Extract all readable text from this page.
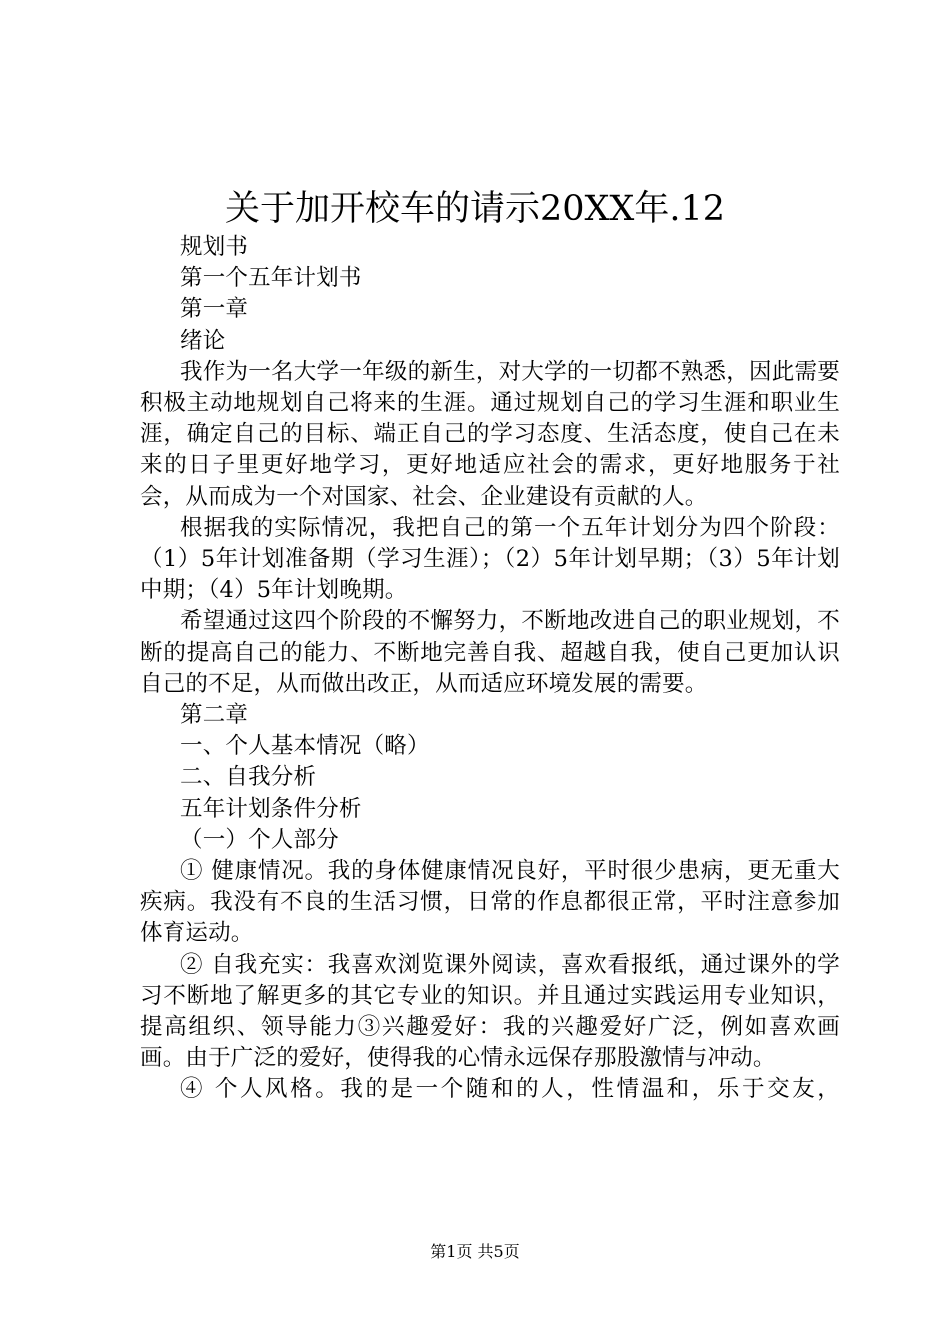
关于加开校车的请示20XX年.12

规划书

第一个五年计划书

第一章

绪论

我作为一名大学一年级的新生，对大学的一切都不熟悉，因此需要积极主动地规划自己将来的生涯。通过规划自己的学习生涯和职业生涯，确定自己的目标、端正自己的学习态度、生活态度，使自己在未来的日子里更好地学习，更好地适应社会的需求，更好地服务于社会，从而成为一个对国家、社会、企业建设有贡献的人。

根据我的实际情况，我把自己的第一个五年计划分为四个阶段：（1）5年计划准备期（学习生涯）；（2）5年计划早期；（3）5年计划中期；（4）5年计划晚期。

希望通过这四个阶段的不懈努力，不断地改进自己的职业规划，不断的提高自己的能力、不断地完善自我、超越自我，使自己更加认识自己的不足，从而做出改正，从而适应环境发展的需要。

第二章

一、个人基本情况（略）

二、自我分析

五年计划条件分析

（一）个人部分

① 健康情况。我的身体健康情况良好，平时很少患病，更无重大疾病。我没有不良的生活习惯，日常的作息都很正常，平时注意参加体育运动。

② 自我充实：我喜欢浏览课外阅读，喜欢看报纸，通过课外的学习不断地了解更多的其它专业的知识。并且通过实践运用专业知识，提高组织、领导能力③兴趣爱好：我的兴趣爱好广泛，例如喜欢画画。由于广泛的爱好，使得我的心情永远保存那股激情与冲动。

④ 个人风格。我的是一个随和的人，性情温和，乐于交友，

第1页 共5页
